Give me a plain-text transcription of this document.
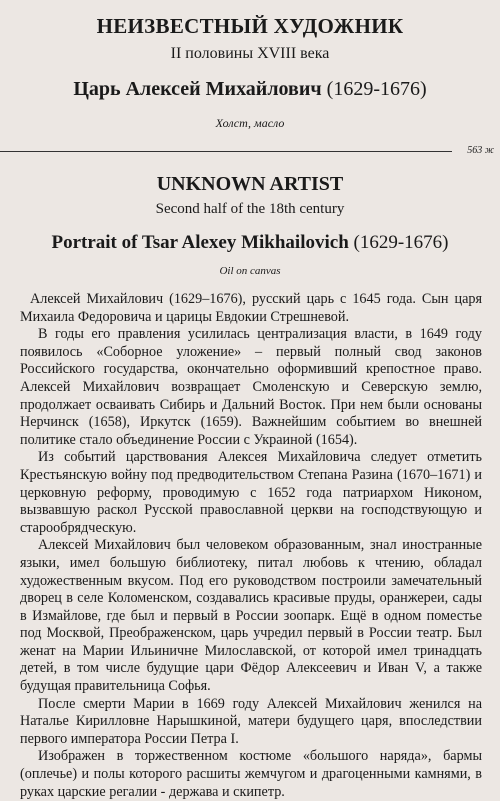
НЕИЗВЕСТНЫЙ ХУДОЖНИК
II половины XVIII века
Царь Алексей Михайлович (1629-1676)
Холст, масло
563 ж
UNKNOWN ARTIST
Second half of the 18th century
Portrait of Tsar Alexey Mikhailovich (1629-1676)
Oil on canvas

Алексей Михайлович (1629–1676), русский царь с 1645 года. Сын царя Михаила Федоровича и царицы Евдокии Стрешневой.

В годы его правления усилилась централизация власти, в 1649 году появилось «Соборное уложение» – первый полный свод законов Российского государства, окончательно оформивший крепостное право. Алексей Михайлович возвращает Смоленскую и Северскую землю, продолжает осваивать Сибирь и Дальний Восток. При нем были основаны Нерчинск (1658), Иркутск (1659). Важнейшим событием во внешней политике стало объединение России с Украиной (1654).

Из событий царствования Алексея Михайловича следует отметить Крестьянскую войну под предводительством Степана Разина (1670–1671) и церковную реформу, проводимую с 1652 года патриархом Никоном, вызвавшую раскол Русской православной церкви на господствующую и старообрядческую.

Алексей Михайлович был человеком образованным, знал иностранные языки, имел большую библиотеку, питал любовь к чтению, обладал художественным вкусом. Под его руководством построили замечательный дворец в селе Коломенском, создавались красивые пруды, оранжереи, сады в Измайлове, где был и первый в России зоопарк. Ещё в одном поместье под Москвой, Преображенском, царь учредил первый в России театр. Был женат на Марии Ильиничне Милославской, от которой имел тринадцать детей, в том числе будущие цари Фёдор Алексеевич и Иван V, а также будущая правительница Софья.

После смерти Марии в 1669 году Алексей Михайлович женился на Наталье Кирилловне Нарышкиной, матери будущего царя, впоследствии первого императора России Петра I.

Изображен в торжественном костюме «большого наряда», бармы (оплечье) и полы которого расшиты жемчугом и драгоценными камнями, в руках царские регалии - держава и скипетр.
